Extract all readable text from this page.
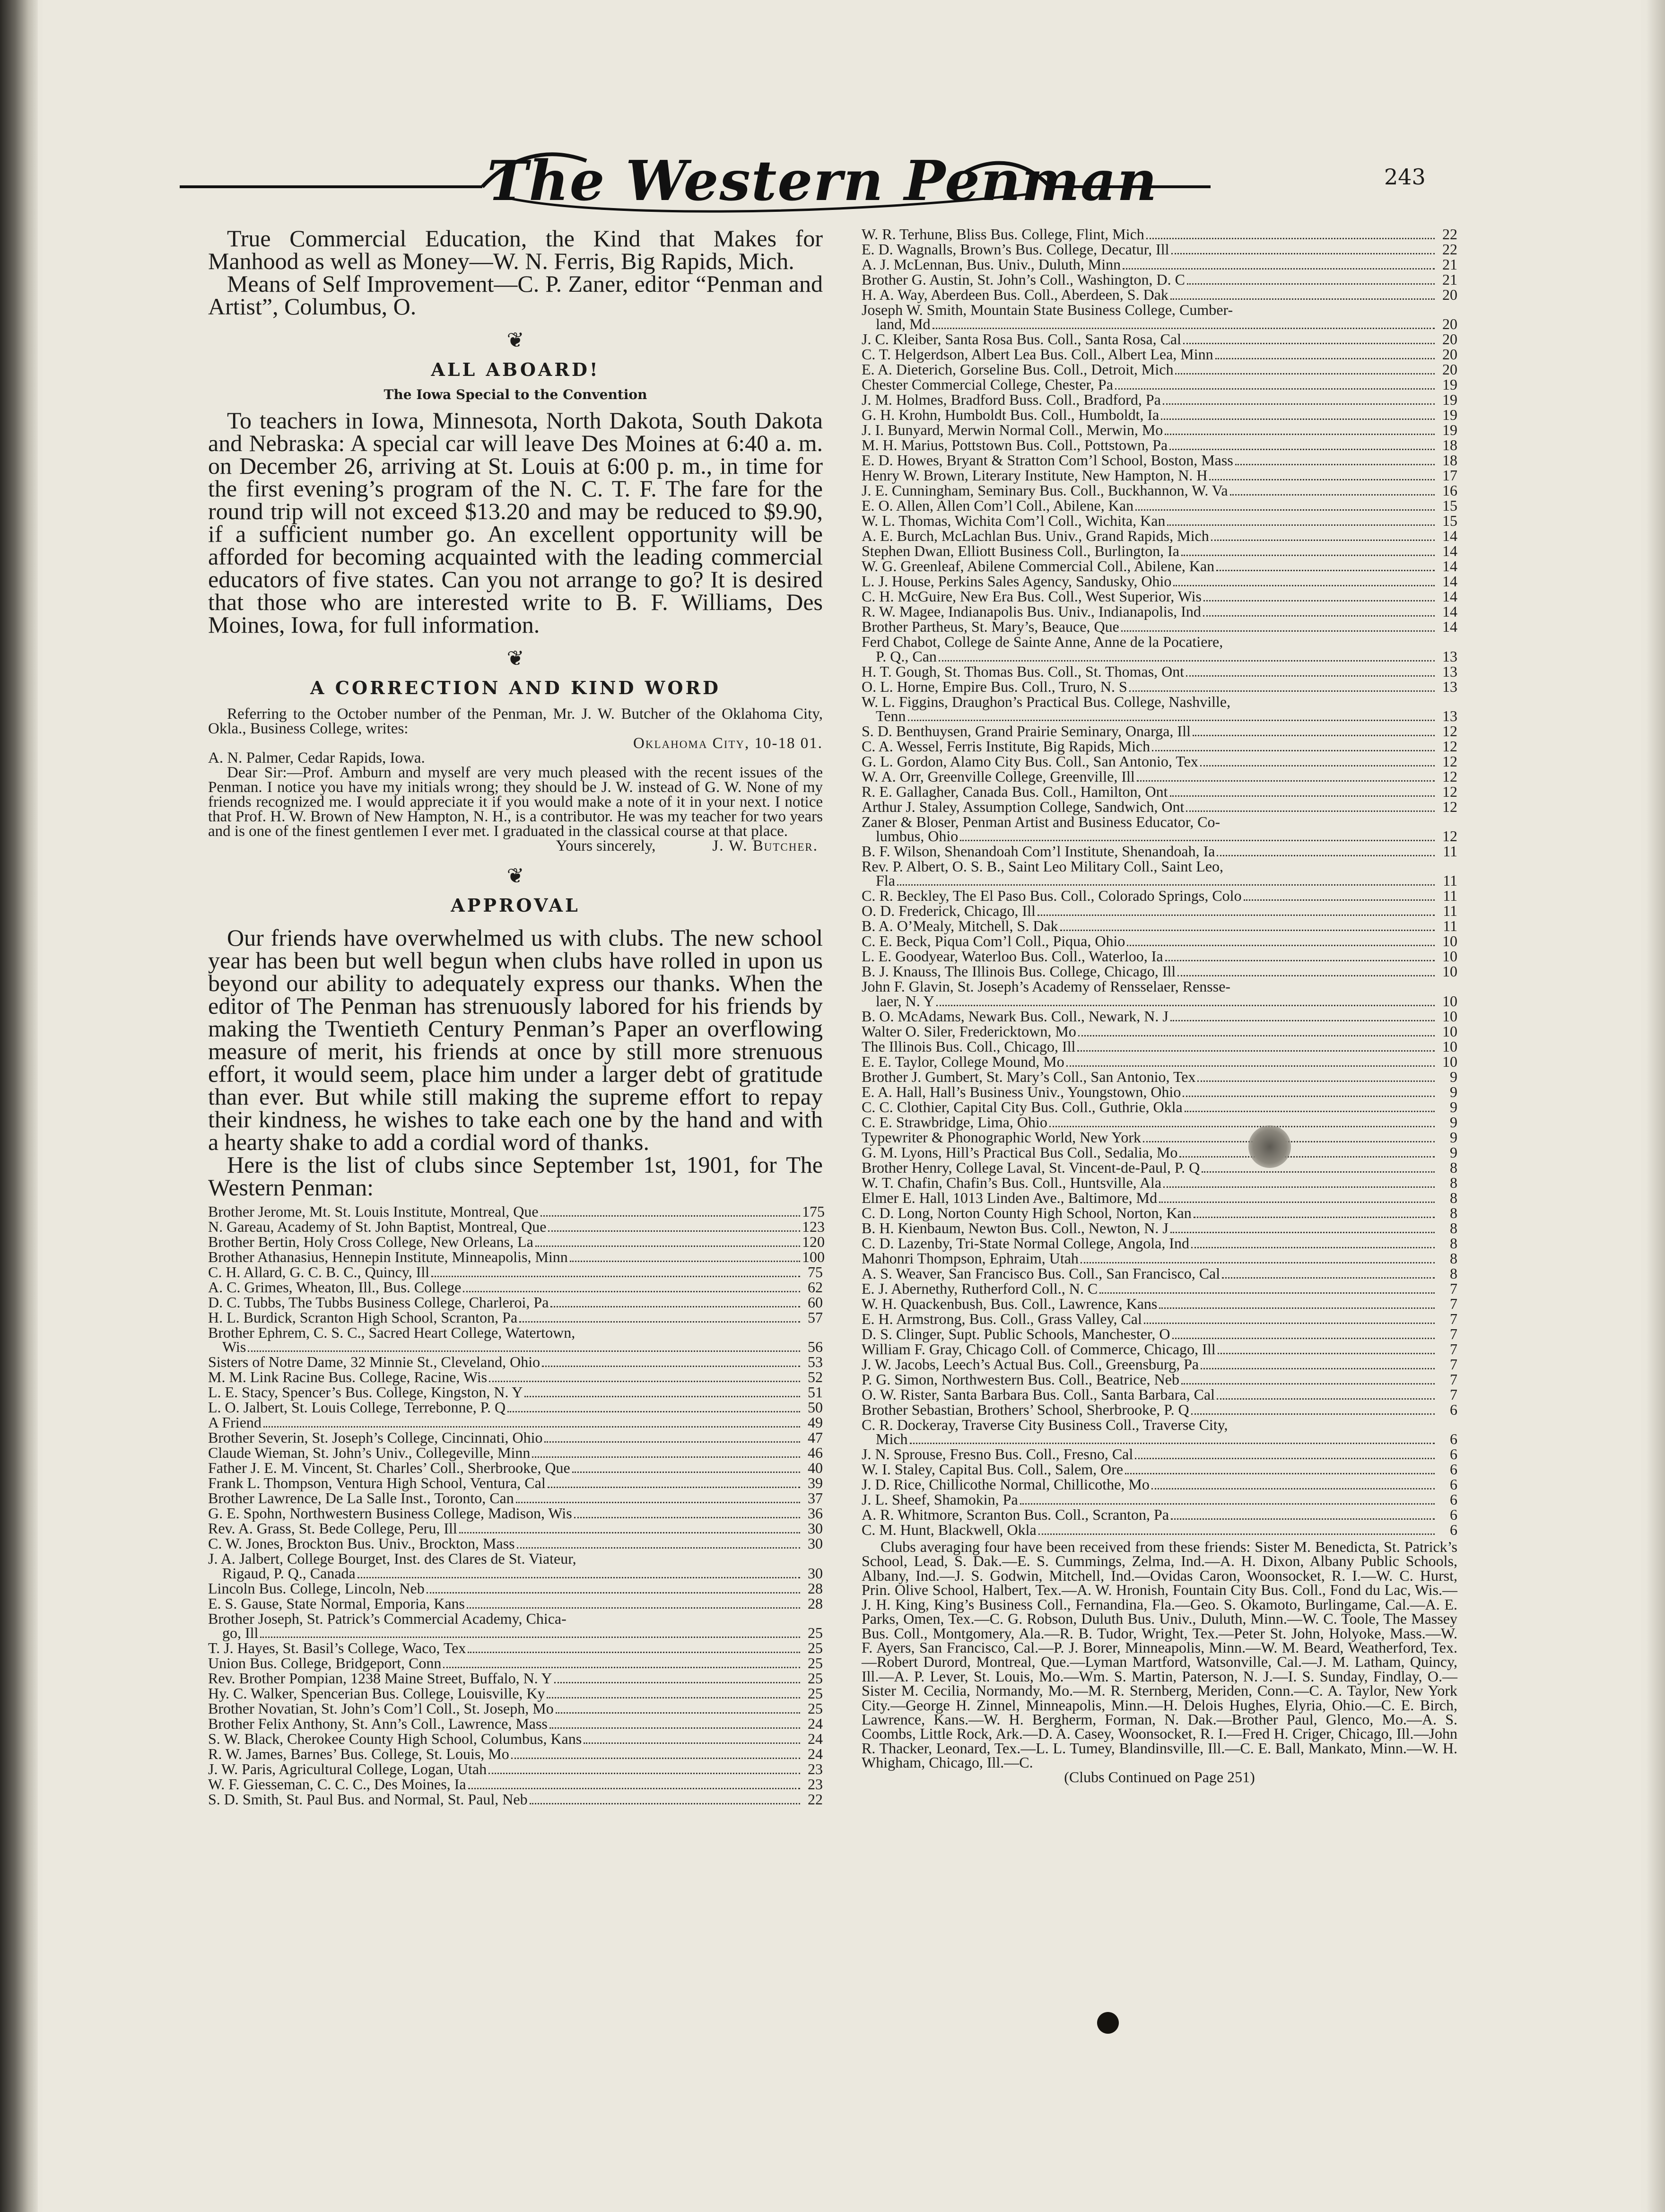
The Western Penman	243

True Commercial Education, the Kind that Makes for Manhood as well as Money—W. N. Ferris, Big Rapids, Mich.

Means of Self Improvement—C. P. Zaner, editor “Penman and Artist”, Columbus, O.

❦
ALL ABOARD!
The Iowa Special to the Convention

To teachers in Iowa, Minnesota, North Dakota, South Dakota and Nebraska: A special car will leave Des Moines at 6:40 a. m. on December 26, arriving at St. Louis at 6:00 p. m., in time for the first evening’s program of the N. C. T. F. The fare for the round trip will not exceed $13.20 and may be reduced to $9.90, if a sufficient number go. An excellent opportunity will be afforded for becoming acquainted with the leading commercial educators of five states. Can you not arrange to go? It is desired that those who are interested write to B. F. Williams, Des Moines, Iowa, for full information.

❦
A CORRECTION AND KIND WORD

Referring to the October number of the Penman, Mr. J. W. Butcher of the Oklahoma City, Okla., Business College, writes:

Oklahoma City, 10-18 01.

A. N. Palmer, Cedar Rapids, Iowa.

Dear Sir:—Prof. Amburn and myself are very much pleased with the recent issues of the Penman. I notice you have my initials wrong; they should be J. W. instead of G. W. None of my friends recognized me. I would appreciate it if you would make a note of it in your next. I notice that Prof. H. W. Brown of New Hampton, N. H., is a contributor. He was my teacher for two years and is one of the finest gentlemen I ever met. I graduated in the classical course at that place.

Yours sincerely,	J. W. Butcher.
❦
APPROVAL

Our friends have overwhelmed us with clubs. The new school year has been but well begun when clubs have rolled in upon us beyond our ability to adequately express our thanks. When the editor of The Penman has strenuously labored for his friends by making the Twentieth Century Penman’s Paper an overflowing measure of merit, his friends at once by still more strenuous effort, it would seem, place him under a larger debt of gratitude than ever. But while still making the supreme effort to repay their kindness, he wishes to take each one by the hand and with a hearty shake to add a cordial word of thanks.

Here is the list of clubs since September 1st, 1901, for The Western Penman:

Brother Jerome, Mt. St. Louis Institute, Montreal, Que	175
N. Gareau, Academy of St. John Baptist, Montreal, Que	123
Brother Bertin, Holy Cross College, New Orleans, La	120
Brother Athanasius, Hennepin Institute, Minneapolis, Minn	100
C. H. Allard, G. C. B. C., Quincy, Ill	75
A. C. Grimes, Wheaton, Ill., Bus. College	62
D. C. Tubbs, The Tubbs Business College, Charleroi, Pa	60
H. L. Burdick, Scranton High School, Scranton, Pa	57
Brother Ephrem, C. S. C., Sacred Heart College, Watertown,
Wis	56
Sisters of Notre Dame, 32 Minnie St., Cleveland, Ohio	53
M. M. Link Racine Bus. College, Racine, Wis	52
L. E. Stacy, Spencer’s Bus. College, Kingston, N. Y	51
L. O. Jalbert, St. Louis College, Terrebonne, P. Q	50
A Friend	49
Brother Severin, St. Joseph’s College, Cincinnati, Ohio	47
Claude Wieman, St. John’s Univ., Collegeville, Minn	46
Father J. E. M. Vincent, St. Charles’ Coll., Sherbrooke, Que	40
Frank L. Thompson, Ventura High School, Ventura, Cal	39
Brother Lawrence, De La Salle Inst., Toronto, Can	37
G. E. Spohn, Northwestern Business College, Madison, Wis	36
Rev. A. Grass, St. Bede College, Peru, Ill	30
C. W. Jones, Brockton Bus. Univ., Brockton, Mass	30
J. A. Jalbert, College Bourget, Inst. des Clares de St. Viateur,
Rigaud, P. Q., Canada	30
Lincoln Bus. College, Lincoln, Neb	28
E. S. Gause, State Normal, Emporia, Kans	28
Brother Joseph, St. Patrick’s Commercial Academy, Chica-
go, Ill	25
T. J. Hayes, St. Basil’s College, Waco, Tex	25
Union Bus. College, Bridgeport, Conn	25
Rev. Brother Pompian, 1238 Maine Street, Buffalo, N. Y	25
Hy. C. Walker, Spencerian Bus. College, Louisville, Ky	25
Brother Novatian, St. John’s Com’l Coll., St. Joseph, Mo	25
Brother Felix Anthony, St. Ann’s Coll., Lawrence, Mass	24
S. W. Black, Cherokee County High School, Columbus, Kans	24
R. W. James, Barnes’ Bus. College, St. Louis, Mo	24
J. W. Paris, Agricultural College, Logan, Utah	23
W. F. Giesseman, C. C. C., Des Moines, Ia	23
S. D. Smith, St. Paul Bus. and Normal, St. Paul, Neb	22
W. R. Terhune, Bliss Bus. College, Flint, Mich	22
E. D. Wagnalls, Brown’s Bus. College, Decatur, Ill	22
A. J. McLennan, Bus. Univ., Duluth, Minn	21
Brother G. Austin, St. John’s Coll., Washington, D. C	21
H. A. Way, Aberdeen Bus. Coll., Aberdeen, S. Dak	20
Joseph W. Smith, Mountain State Business College, Cumber-
land, Md	20
J. C. Kleiber, Santa Rosa Bus. Coll., Santa Rosa, Cal	20
C. T. Helgerdson, Albert Lea Bus. Coll., Albert Lea, Minn	20
E. A. Dieterich, Gorseline Bus. Coll., Detroit, Mich	20
Chester Commercial College, Chester, Pa	19
J. M. Holmes, Bradford Buss. Coll., Bradford, Pa	19
G. H. Krohn, Humboldt Bus. Coll., Humboldt, Ia	19
J. I. Bunyard, Merwin Normal Coll., Merwin, Mo	19
M. H. Marius, Pottstown Bus. Coll., Pottstown, Pa	18
E. D. Howes, Bryant & Stratton Com’l School, Boston, Mass	18
Henry W. Brown, Literary Institute, New Hampton, N. H	17
J. E. Cunningham, Seminary Bus. Coll., Buckhannon, W. Va	16
E. O. Allen, Allen Com’l Coll., Abilene, Kan	15
W. L. Thomas, Wichita Com’l Coll., Wichita, Kan	15
A. E. Burch, McLachlan Bus. Univ., Grand Rapids, Mich	14
Stephen Dwan, Elliott Business Coll., Burlington, Ia	14
W. G. Greenleaf, Abilene Commercial Coll., Abilene, Kan	14
L. J. House, Perkins Sales Agency, Sandusky, Ohio	14
C. H. McGuire, New Era Bus. Coll., West Superior, Wis	14
R. W. Magee, Indianapolis Bus. Univ., Indianapolis, Ind	14
Brother Partheus, St. Mary’s, Beauce, Que	14
Ferd Chabot, College de Sainte Anne, Anne de la Pocatiere,
P. Q., Can	13
H. T. Gough, St. Thomas Bus. Coll., St. Thomas, Ont	13
O. L. Horne, Empire Bus. Coll., Truro, N. S	13
W. L. Figgins, Draughon’s Practical Bus. College, Nashville,
Tenn	13
S. D. Benthuysen, Grand Prairie Seminary, Onarga, Ill	12
C. A. Wessel, Ferris Institute, Big Rapids, Mich	12
G. L. Gordon, Alamo City Bus. Coll., San Antonio, Tex	12
W. A. Orr, Greenville College, Greenville, Ill	12
R. E. Gallagher, Canada Bus. Coll., Hamilton, Ont	12
Arthur J. Staley, Assumption College, Sandwich, Ont	12
Zaner & Bloser, Penman Artist and Business Educator, Co-
lumbus, Ohio	12
B. F. Wilson, Shenandoah Com’l Institute, Shenandoah, Ia	11
Rev. P. Albert, O. S. B., Saint Leo Military Coll., Saint Leo,
Fla	11
C. R. Beckley, The El Paso Bus. Coll., Colorado Springs, Colo	11
O. D. Frederick, Chicago, Ill	11
B. A. O’Mealy, Mitchell, S. Dak	11
C. E. Beck, Piqua Com’l Coll., Piqua, Ohio	10
L. E. Goodyear, Waterloo Bus. Coll., Waterloo, Ia	10
B. J. Knauss, The Illinois Bus. College, Chicago, Ill	10
John F. Glavin, St. Joseph’s Academy of Rensselaer, Rensse-
laer, N. Y	10
B. O. McAdams, Newark Bus. Coll., Newark, N. J	10
Walter O. Siler, Fredericktown, Mo	10
The Illinois Bus. Coll., Chicago, Ill	10
E. E. Taylor, College Mound, Mo	10
Brother J. Gumbert, St. Mary’s Coll., San Antonio, Tex	9
E. A. Hall, Hall’s Business Univ., Youngstown, Ohio	9
C. C. Clothier, Capital City Bus. Coll., Guthrie, Okla	9
C. E. Strawbridge, Lima, Ohio	9
Typewriter & Phonographic World, New York	9
G. M. Lyons, Hill’s Practical Bus Coll., Sedalia, Mo	9
Brother Henry, College Laval, St. Vincent-de-Paul, P. Q	8
W. T. Chafin, Chafin’s Bus. Coll., Huntsville, Ala	8
Elmer E. Hall, 1013 Linden Ave., Baltimore, Md	8
C. D. Long, Norton County High School, Norton, Kan	8
B. H. Kienbaum, Newton Bus. Coll., Newton, N. J	8
C. D. Lazenby, Tri-State Normal College, Angola, Ind	8
Mahonri Thompson, Ephraim, Utah	8
A. S. Weaver, San Francisco Bus. Coll., San Francisco, Cal	8
E. J. Abernethy, Rutherford Coll., N. C	7
W. H. Quackenbush, Bus. Coll., Lawrence, Kans	7
E. H. Armstrong, Bus. Coll., Grass Valley, Cal	7
D. S. Clinger, Supt. Public Schools, Manchester, O	7
William F. Gray, Chicago Coll. of Commerce, Chicago, Ill	7
J. W. Jacobs, Leech’s Actual Bus. Coll., Greensburg, Pa	7
P. G. Simon, Northwestern Bus. Coll., Beatrice, Neb	7
O. W. Rister, Santa Barbara Bus. Coll., Santa Barbara, Cal	7
Brother Sebastian, Brothers’ School, Sherbrooke, P. Q	6
C. R. Dockeray, Traverse City Business Coll., Traverse City,
Mich	6
J. N. Sprouse, Fresno Bus. Coll., Fresno, Cal	6
W. I. Staley, Capital Bus. Coll., Salem, Ore	6
J. D. Rice, Chillicothe Normal, Chillicothe, Mo	6
J. L. Sheef, Shamokin, Pa	6
A. R. Whitmore, Scranton Bus. Coll., Scranton, Pa	6
C. M. Hunt, Blackwell, Okla	6

Clubs averaging four have been received from these friends: Sister M. Benedicta, St. Patrick’s School, Lead, S. Dak.—E. S. Cummings, Zelma, Ind.—A. H. Dixon, Albany Public Schools, Albany, Ind.—J. S. Godwin, Mitchell, Ind.—Ovidas Caron, Woonsocket, R. I.—W. C. Hurst, Prin. Olive School, Halbert, Tex.—A. W. Hronish, Fountain City Bus. Coll., Fond du Lac, Wis.—J. H. King, King’s Business Coll., Fernandina, Fla.—Geo. S. Okamoto, Burlingame, Cal.—A. E. Parks, Omen, Tex.—C. G. Robson, Duluth Bus. Univ., Duluth, Minn.—W. C. Toole, The Massey Bus. Coll., Montgomery, Ala.—R. B. Tudor, Wright, Tex.—Peter St. John, Holyoke, Mass.—W. F. Ayers, San Francisco, Cal.—P. J. Borer, Minneapolis, Minn.—W. M. Beard, Weatherford, Tex.—Robert Durord, Montreal, Que.—Lyman Martford, Watsonville, Cal.—J. M. Latham, Quincy, Ill.—A. P. Lever, St. Louis, Mo.—Wm. S. Martin, Paterson, N. J.—I. S. Sunday, Findlay, O.—Sister M. Cecilia, Normandy, Mo.—M. R. Sternberg, Meriden, Conn.—C. A. Taylor, New York City.—George H. Zinnel, Minneapolis, Minn.—H. Delois Hughes, Elyria, Ohio.—C. E. Birch, Lawrence, Kans.—W. H. Bergherm, Forman, N. Dak.—Brother Paul, Glenco, Mo.—A. S. Coombs, Little Rock, Ark.—D. A. Casey, Woonsocket, R. I.—Fred H. Criger, Chicago, Ill.—John R. Thacker, Leonard, Tex.—L. L. Tumey, Blandinsville, Ill.—C. E. Ball, Mankato, Minn.—W. H. Whigham, Chicago, Ill.—C.

(Clubs Continued on Page 251)
